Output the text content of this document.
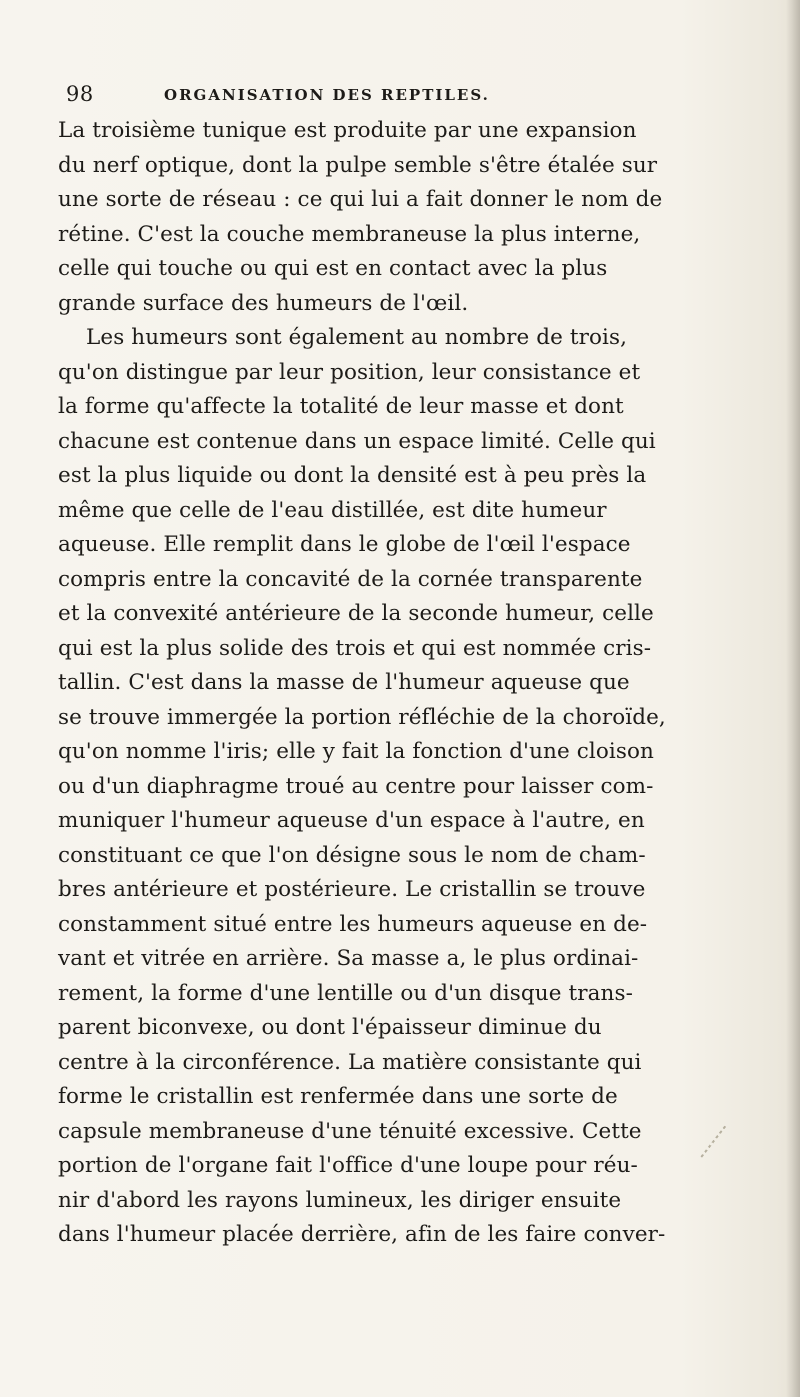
98	ORGANISATION DES REPTILES.
La troisième tunique est produite par une expansion
du nerf optique, dont la pulpe semble s'être étalée sur
une sorte de réseau : ce qui lui a fait donner le nom de
rétine. C'est la couche membraneuse la plus interne,
celle qui touche ou qui est en contact avec la plus
grande surface des humeurs de l'œil.
Les humeurs sont également au nombre de trois,
qu'on distingue par leur position, leur consistance et
la forme qu'affecte la totalité de leur masse et dont
chacune est contenue dans un espace limité. Celle qui
est la plus liquide ou dont la densité est à peu près la
même que celle de l'eau distillée, est dite humeur
aqueuse. Elle remplit dans le globe de l'œil l'espace
compris entre la concavité de la cornée transparente
et la convexité antérieure de la seconde humeur, celle
qui est la plus solide des trois et qui est nommée cris-
tallin. C'est dans la masse de l'humeur aqueuse que
se trouve immergée la portion réfléchie de la choroïde,
qu'on nomme l'iris; elle y fait la fonction d'une cloison
ou d'un diaphragme troué au centre pour laisser com-
muniquer l'humeur aqueuse d'un espace à l'autre, en
constituant ce que l'on désigne sous le nom de cham-
bres antérieure et postérieure. Le cristallin se trouve
constamment situé entre les humeurs aqueuse en de-
vant et vitrée en arrière. Sa masse a, le plus ordinai-
rement, la forme d'une lentille ou d'un disque trans-
parent biconvexe, ou dont l'épaisseur diminue du
centre à la circonférence. La matière consistante qui
forme le cristallin est renfermée dans une sorte de
capsule membraneuse d'une ténuité excessive. Cette
portion de l'organe fait l'office d'une loupe pour réu-
nir d'abord les rayons lumineux, les diriger ensuite
dans l'humeur placée derrière, afin de les faire conver-
